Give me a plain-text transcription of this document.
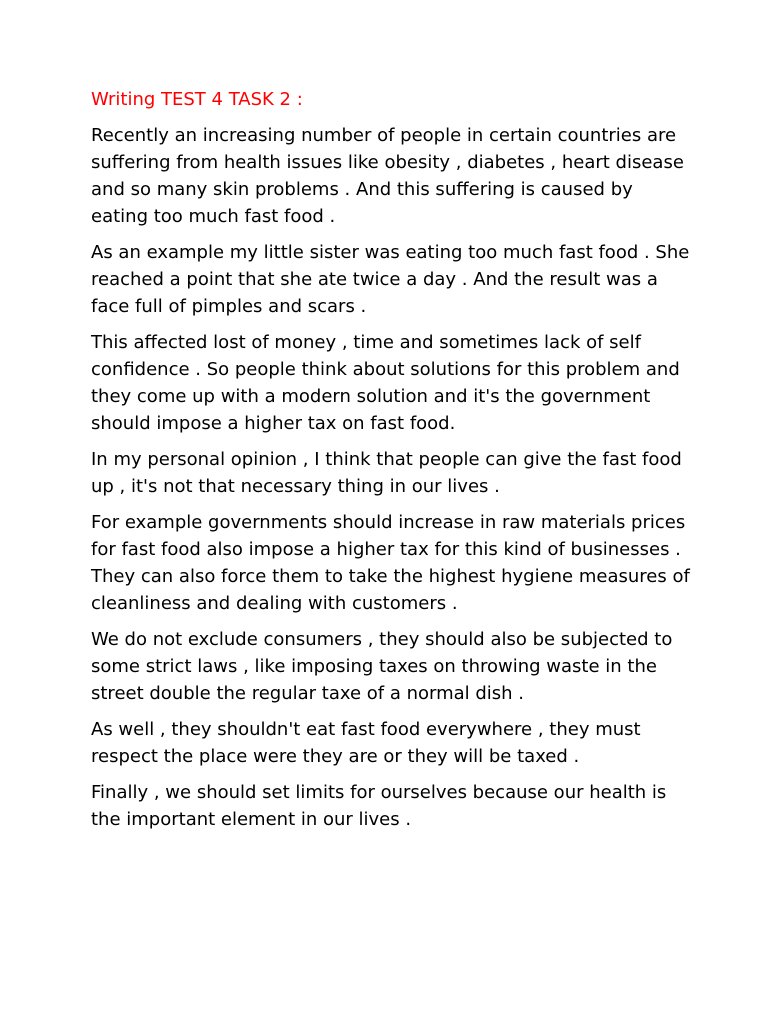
Writing TEST 4 TASK 2 :
Recently an increasing number of people in certain countries are
suffering from health issues like obesity , diabetes , heart disease
and so many skin problems . And this suffering is caused by
eating too much fast food .
As an example my little sister was eating too much fast food . She
reached a point that she ate twice a day . And the result was a
face full of pimples and scars .
This affected lost of money , time and sometimes lack of self
confidence . So people think about solutions for this problem and
they come up with a modern solution and it's the government
should impose a higher tax on fast food.
In my personal opinion , I think that people can give the fast food
up , it's not that necessary thing in our lives .
For example governments should increase in raw materials prices
for fast food also impose a higher tax for this kind of businesses .
They can also force them to take the highest hygiene measures of
cleanliness and dealing with customers .
We do not exclude consumers , they should also be subjected to
some strict laws , like imposing taxes on throwing waste in the
street double the regular taxe of a normal dish .
As well , they shouldn't eat fast food everywhere , they must
respect the place were they are or they will be taxed .
Finally , we should set limits for ourselves because our health is
the important element in our lives .
